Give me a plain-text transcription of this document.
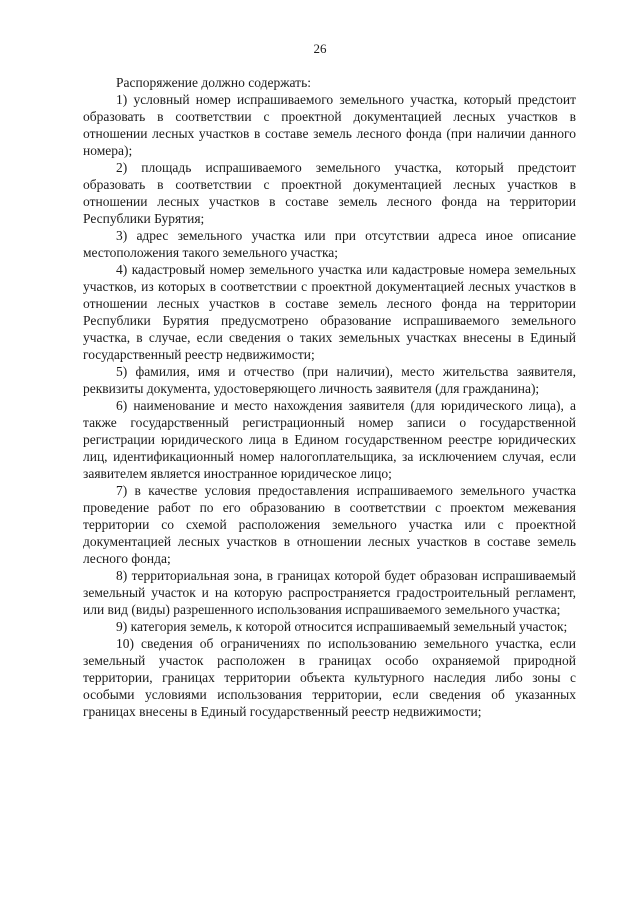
26

Распоряжение должно содержать:

1) условный номер испрашиваемого земельного участка, который предстоит образовать в соответствии с проектной документацией лесных участков в отношении лесных участков в составе земель лесного фонда (при наличии данного номера);

2) площадь испрашиваемого земельного участка, который предстоит образовать в соответствии с проектной документацией лесных участков в отношении лесных участков в составе земель лесного фонда на территории Республики Бурятия;

3) адрес земельного участка или при отсутствии адреса иное описание местоположения такого земельного участка;

4) кадастровый номер земельного участка или кадастровые номера земельных участков, из которых в соответствии с проектной документацией лесных участков в отношении лесных участков в составе земель лесного фонда на территории Республики Бурятия предусмотрено образование испрашиваемого земельного участка, в случае, если сведения о таких земельных участках внесены в Единый государственный реестр недвижимости;

5) фамилия, имя и отчество (при наличии), место жительства заявителя, реквизиты документа, удостоверяющего личность заявителя (для гражданина);

6) наименование и место нахождения заявителя (для юридического лица), а также государственный регистрационный номер записи о государственной регистрации юридического лица в Едином государственном реестре юридических лиц, идентификационный номер налогоплательщика, за исключением случая, если заявителем является иностранное юридическое лицо;

7) в качестве условия предоставления испрашиваемого земельного участка проведение работ по его образованию в соответствии с проектом межевания территории со схемой расположения земельного участка или с проектной документацией лесных участков в отношении лесных участков в составе земель лесного фонда;

8) территориальная зона, в границах которой будет образован испрашиваемый земельный участок и на которую распространяется градостроительный регламент, или вид (виды) разрешенного использования испрашиваемого земельного участка;

9) категория земель, к которой относится испрашиваемый земельный участок;

10) сведения об ограничениях по использованию земельного участка, если земельный участок расположен в границах особо охраняемой природной территории, границах территории объекта культурного наследия либо зоны с особыми условиями использования территории, если сведения об указанных границах внесены в Единый государственный реестр недвижимости;
